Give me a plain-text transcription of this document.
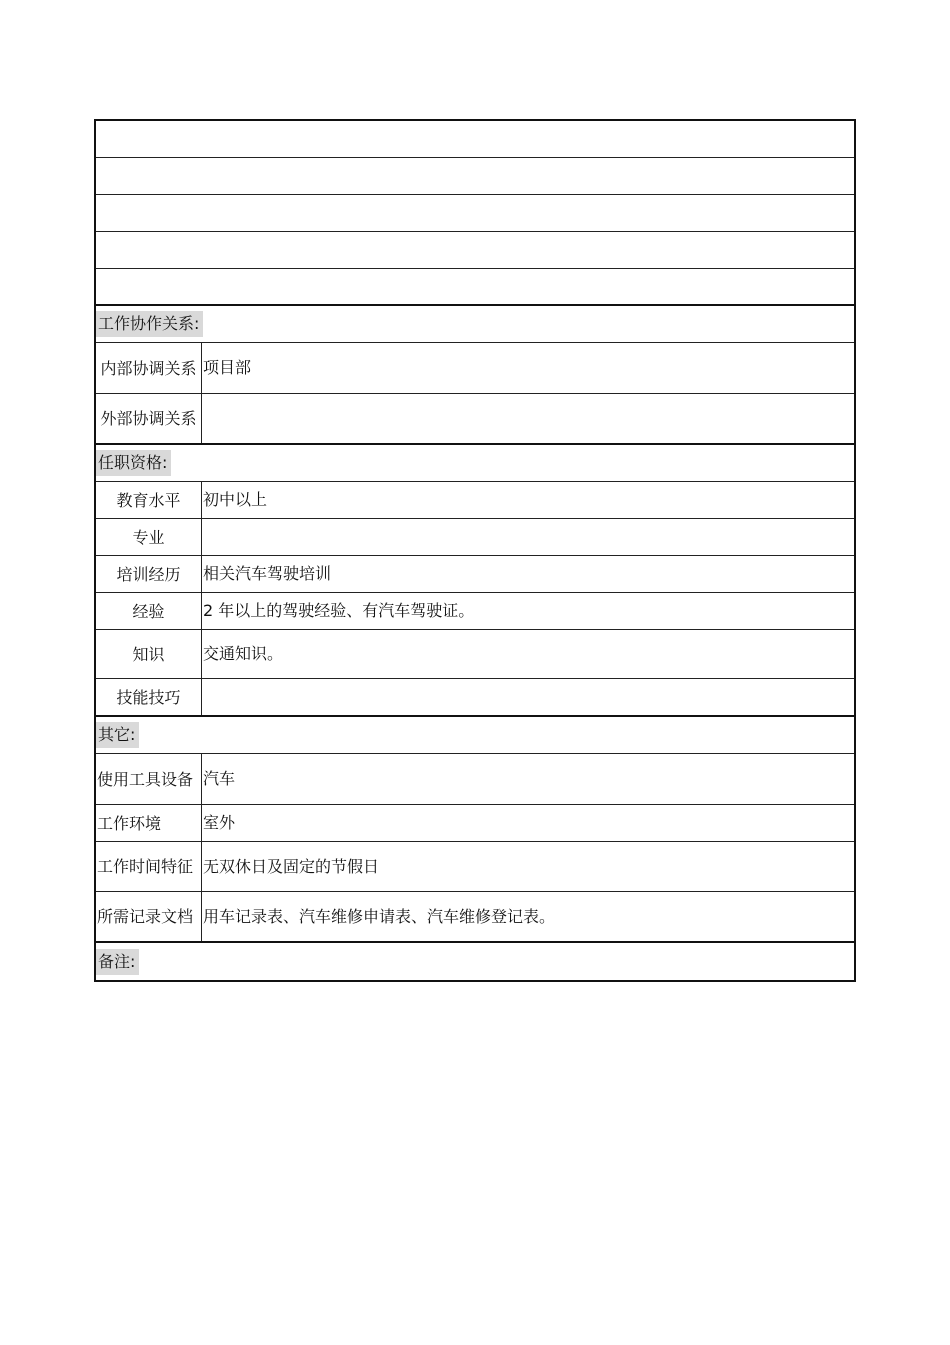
工作协作关系:
内部协调关系 项目部
外部协调关系
任职资格:
教育水平	初中以上
专业
培训经历	相关汽车驾驶培训
经验	2 年以上的驾驶经验、有汽车驾驶证。
知识	交通知识。
技能技巧
其它:
使用工具设备 汽车
工作环境	室外
工作时间特征 无双休日及固定的节假日
所需记录文档 用车记录表、汽车维修申请表、汽车维修登记表。
备注:
